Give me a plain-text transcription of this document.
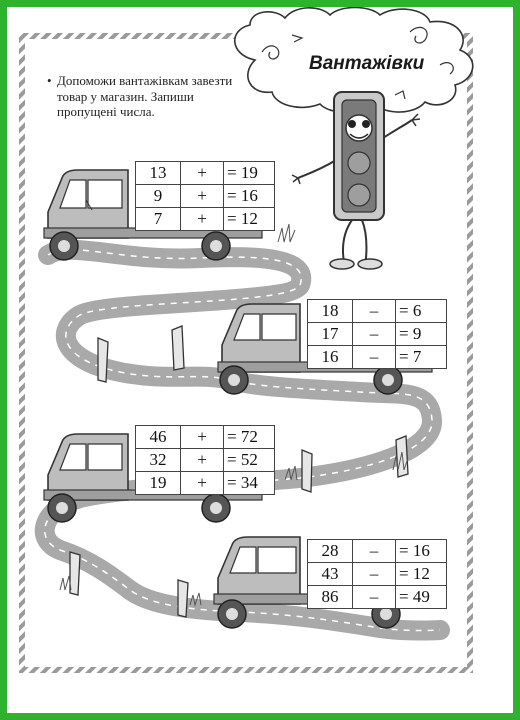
Вантажівки
• Допоможи вантажівкам завезти товар у магазин. Запиши пропущені числа.
13	+	= 19
9	+	= 16
7	+	= 12
18	–	= 6
17	–	= 9
16	–	= 7
46	+	= 72
32	+	= 52
19	+	= 34
28	–	= 16
43	–	= 12
86	–	= 49
